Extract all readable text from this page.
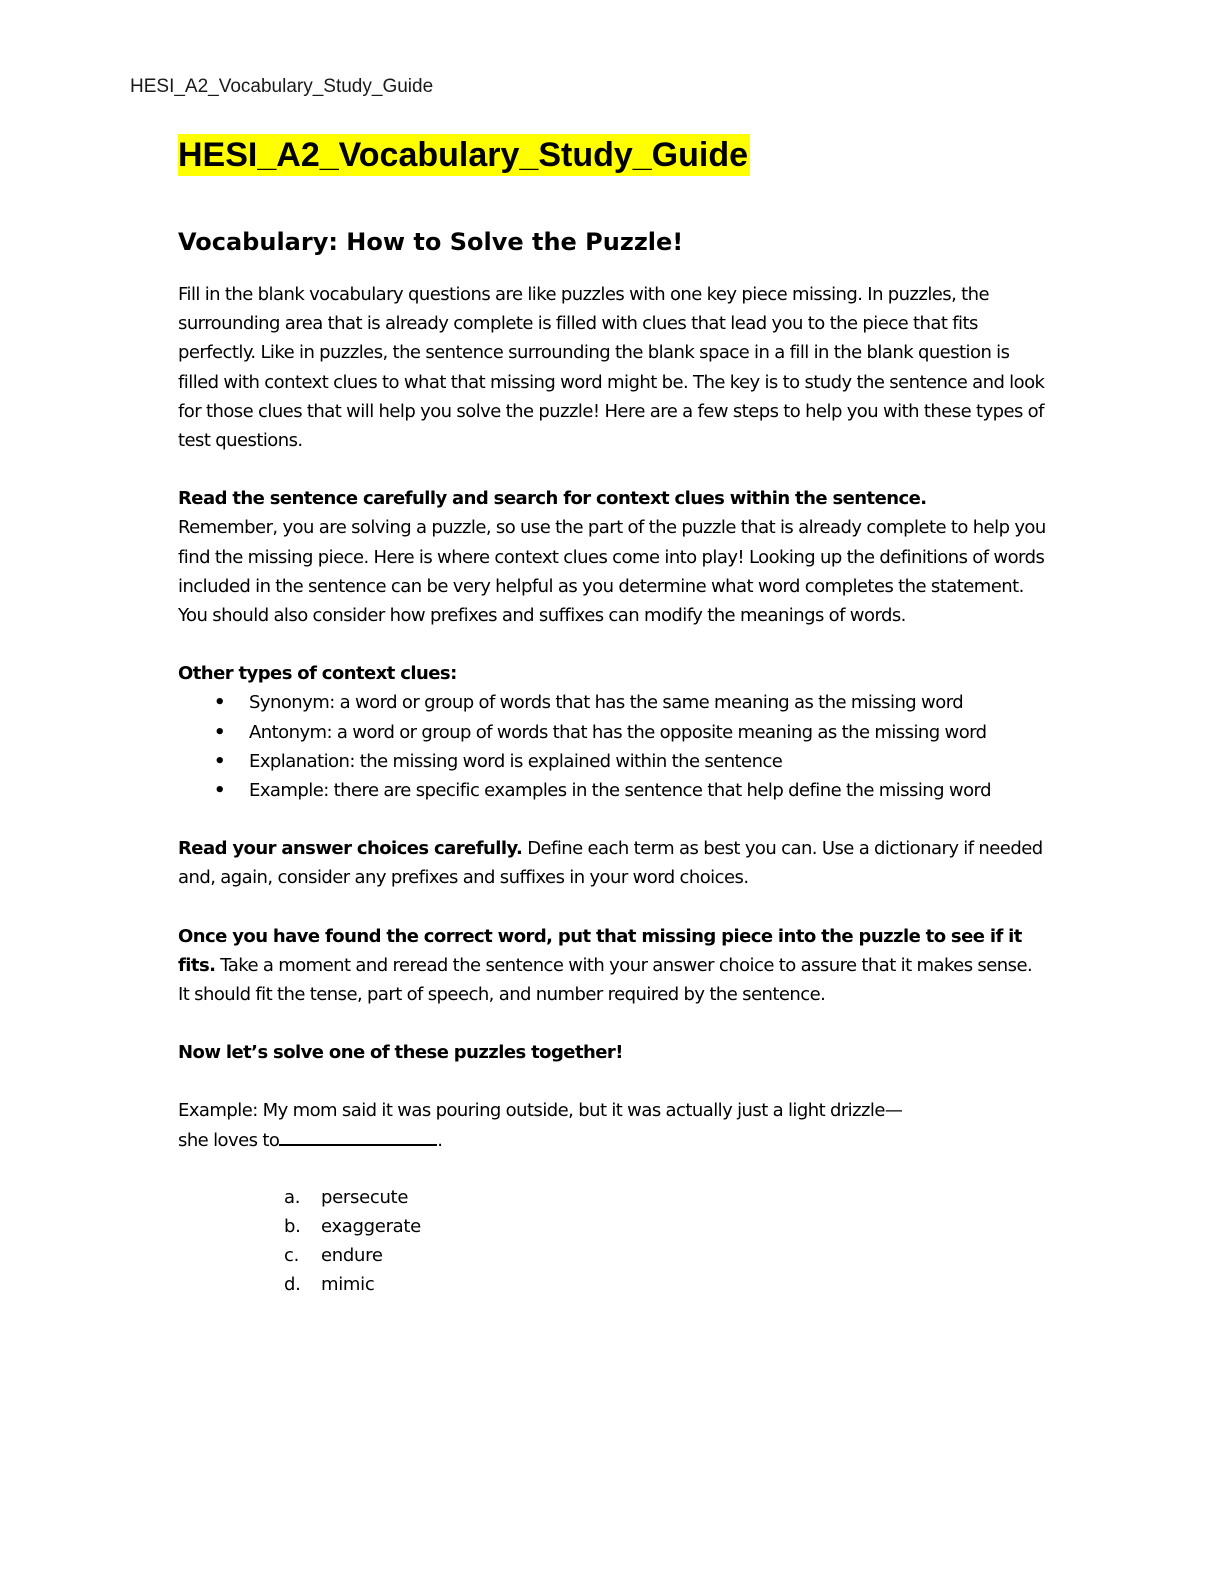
HESI_A2_Vocabulary_Study_Guide

HESI_A2_Vocabulary_Study_Guide
Vocabulary: How to Solve the Puzzle!

Fill in the blank vocabulary questions are like puzzles with one key piece missing. In puzzles, the surrounding area that is already complete is filled with clues that lead you to the piece that fits perfectly. Like in puzzles, the sentence surrounding the blank space in a fill in the blank question is filled with context clues to what that missing word might be. The key is to study the sentence and look for those clues that will help you solve the puzzle! Here are a few steps to help you with these types of test questions.

Read the sentence carefully and search for context clues within the sentence.
Remember, you are solving a puzzle, so use the part of the puzzle that is already complete to help you find the missing piece. Here is where context clues come into play! Looking up the definitions of words included in the sentence can be very helpful as you determine what word completes the statement. You should also consider how prefixes and suffixes can modify the meanings of words.

Other types of context clues:

• Synonym: a word or group of words that has the same meaning as the missing word
• Antonym: a word or group of words that has the opposite meaning as the missing word
• Explanation: the missing word is explained within the sentence
• Example: there are specific examples in the sentence that help define the missing word

Read your answer choices carefully. Define each term as best you can. Use a dictionary if needed and, again, consider any prefixes and suffixes in your word choices.

Once you have found the correct word, put that missing piece into the puzzle to see if it fits. Take a moment and reread the sentence with your answer choice to assure that it makes sense. It should fit the tense, part of speech, and number required by the sentence.

Now let’s solve one of these puzzles together!

Example: My mom said it was pouring outside, but it was actually just a light drizzle—
she loves to	.

a. persecute
b. exaggerate
c. endure
d. mimic
